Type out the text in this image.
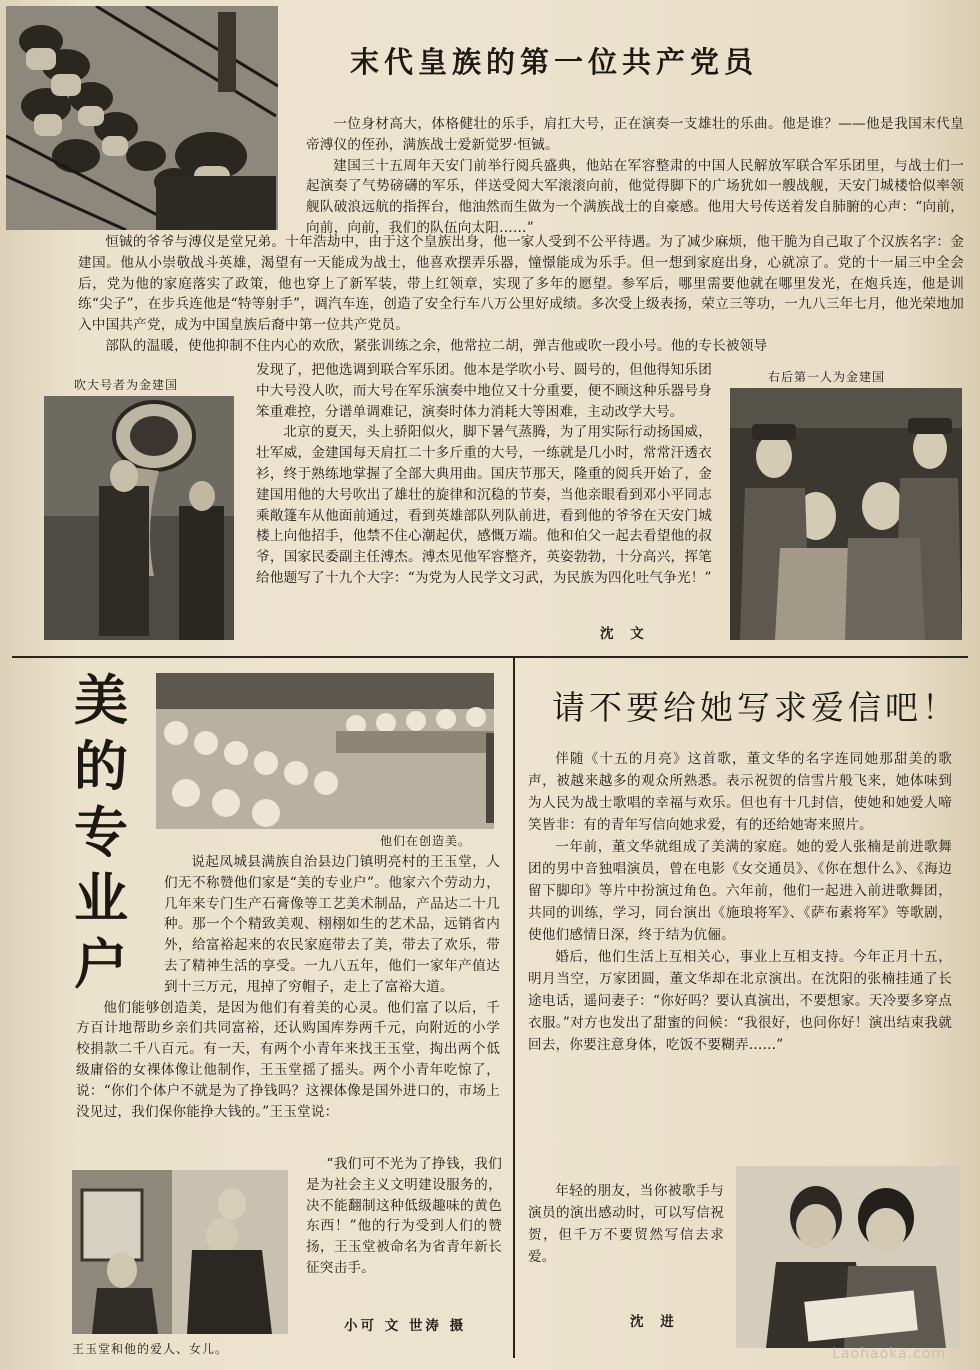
末代皇族的第一位共产党员

一位身材高大，体格健壮的乐手，肩扛大号，正在演奏一支雄壮的乐曲。他是谁？——他是我国末代皇帝溥仪的侄孙，满族战士爱新觉罗·恒铖。

建国三十五周年天安门前举行阅兵盛典，他站在军容整肃的中国人民解放军联合军乐团里，与战士们一起演奏了气势磅礴的军乐，伴送受阅大军滚滚向前，他觉得脚下的广场犹如一艘战舰，天安门城楼恰似率领舰队破浪远航的指挥台，他油然而生做为一个满族战士的自豪感。他用大号传送着发自肺腑的心声：“向前，向前，向前，我们的队伍向太阳……”

恒铖的爷爷与溥仪是堂兄弟。十年浩劫中，由于这个皇族出身，他一家人受到不公平待遇。为了减少麻烦，他干脆为自己取了个汉族名字：金建国。他从小崇敬战斗英雄，渴望有一天能成为战士，他喜欢摆弄乐器，憧憬能成为乐手。但一想到家庭出身，心就凉了。党的十一届三中全会后，党为他的家庭落实了政策，他也穿上了新军装，带上红领章，实现了多年的愿望。参军后，哪里需要他就在哪里发光，在炮兵连，他是训练“尖子”，在步兵连他是“特等射手”，调汽车连，创造了安全行车八万公里好成绩。多次受上级表扬，荣立三等功，一九八三年七月，他光荣地加入中国共产党，成为中国皇族后裔中第一位共产党员。

部队的温暖，使他抑制不住内心的欢欣，紧张训练之余，他常拉二胡，弹吉他或吹一段小号。他的专长被领导

吹大号者为金建国

发现了，把他选调到联合军乐团。他本是学吹小号、圆号的，但他得知乐团中大号没人吹，而大号在军乐演奏中地位又十分重要，便不顾这种乐器号身笨重难控，分谱单调难记，演奏时体力消耗大等困难，主动改学大号。

北京的夏天，头上骄阳似火，脚下暑气蒸腾，为了用实际行动扬国威，壮军威，金建国每天肩扛二十多斤重的大号，一练就是几小时，常常汗透衣衫，终于熟练地掌握了全部大典用曲。国庆节那天，隆重的阅兵开始了，金建国用他的大号吹出了雄壮的旋律和沉稳的节奏，当他亲眼看到邓小平同志乘敞篷车从他面前通过，看到英雄部队列队前进，看到他的爷爷在天安门城楼上向他招手，他禁不住心潮起伏，感慨万端。他和伯父一起去看望他的叔爷，国家民委副主任溥杰。溥杰见他军容整齐，英姿勃勃，十分高兴，挥笔给他题写了十九个大字：“为党为人民学文习武，为民族为四化吐气争光！”

右后第一人为金建国
沈 文
美的专业户
他们在创造美。

说起凤城县满族自治县边门镇明亮村的王玉堂，人们无不称赞他们家是“美的专业户”。他家六个劳动力，几年来专门生产石膏像等工艺美术制品，产品达二十几种。那一个个精致美观、栩栩如生的艺术品，远销省内外，给富裕起来的农民家庭带去了美，带去了欢乐，带去了精神生活的享受。一九八五年，他们一家年产值达到十三万元，甩掉了穷帽子，走上了富裕大道。

他们能够创造美，是因为他们有着美的心灵。他们富了以后，千方百计地帮助乡亲们共同富裕，还认购国库券两千元，向附近的小学校捐款二千八百元。有一天，有两个小青年来找王玉堂，掏出两个低级庸俗的女裸体像让他制作，王玉堂摇了摇头。两个小青年吃惊了，说：“你们个体户不就是为了挣钱吗？这裸体像是国外进口的，市场上没见过，我们保你能挣大钱的。”王玉堂说：

王玉堂和他的爱人、女儿。

“我们可不光为了挣钱，我们是为社会主义文明建设服务的，决不能翻制这种低级趣味的黄色东西！”他的行为受到人们的赞扬，王玉堂被命名为省青年新长征突击手。

小可 文 世涛 摄
请不要给她写求爱信吧！

伴随《十五的月亮》这首歌，董文华的名字连同她那甜美的歌声，被越来越多的观众所熟悉。表示祝贺的信雪片般飞来，她体味到为人民为战士歌唱的幸福与欢乐。但也有十几封信，使她和她爱人啼笑皆非：有的青年写信向她求爱，有的还给她寄来照片。

一年前，董文华就组成了美满的家庭。她的爱人张楠是前进歌舞团的男中音独唱演员，曾在电影《女交通员》、《你在想什么》、《海边留下脚印》等片中扮演过角色。六年前，他们一起进入前进歌舞团，共同的训练，学习，同台演出《施琅将军》、《萨布素将军》等歌剧，使他们感情日深，终于结为伉俪。

婚后，他们生活上互相关心，事业上互相支持。今年正月十五，明月当空，万家团圆，董文华却在北京演出。在沈阳的张楠挂通了长途电话，遥问妻子：“你好吗？要认真演出，不要想家。天冷要多穿点衣服。”对方也发出了甜蜜的问候：“我很好，也问你好！演出结束我就回去，你要注意身体，吃饭不要糊弄……”

年轻的朋友，当你被歌手与演员的演出感动时，可以写信祝贺，但千万不要贸然写信去求爱。

沈 进
Laohaoka.com
